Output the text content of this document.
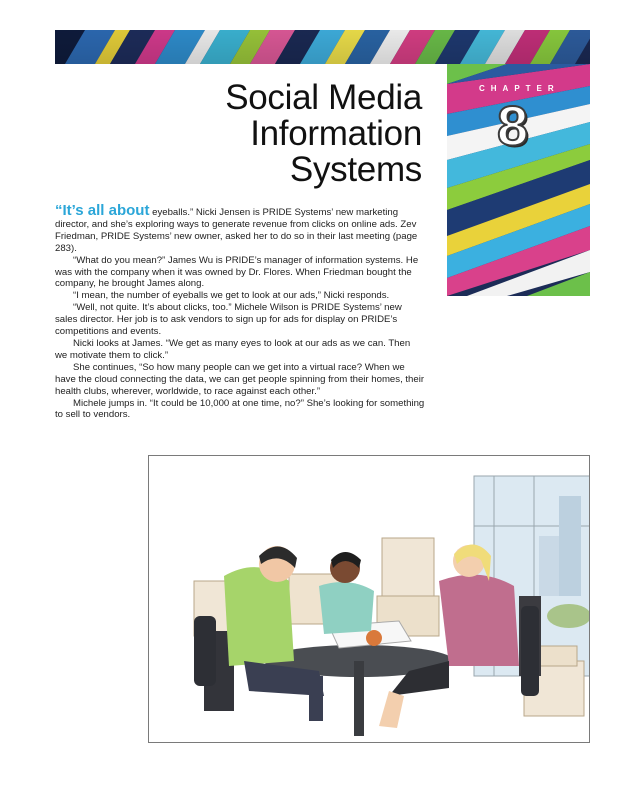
CHAPTER
8
Social Media
Information
Systems

“It’s all about eyeballs.” Nicki Jensen is PRIDE Systems’ new marketing director, and she’s exploring ways to generate revenue from clicks on online ads. Zev Friedman, PRIDE Systems’ new owner, asked her to do so in their last meeting (page 283).

“What do you mean?” James Wu is PRIDE’s manager of information systems. He was with the company when it was owned by Dr. Flores. When Friedman bought the company, he brought James along.

“I mean, the number of eyeballs we get to look at our ads,” Nicki responds.

“Well, not quite. It’s about clicks, too.” Michele Wilson is PRIDE Systems’ new sales director. Her job is to ask vendors to sign up for ads for display on PRIDE’s competitions and events.

Nicki looks at James. “We get as many eyes to look at our ads as we can. Then we motivate them to click.”

She continues, “So how many people can we get into a virtual race? When we have the cloud connecting the data, we can get people spinning from their homes, their health clubs, wherever, worldwide, to race against each other.”

Michele jumps in. “It could be 10,000 at one time, no?” She’s looking for something to sell to vendors.
